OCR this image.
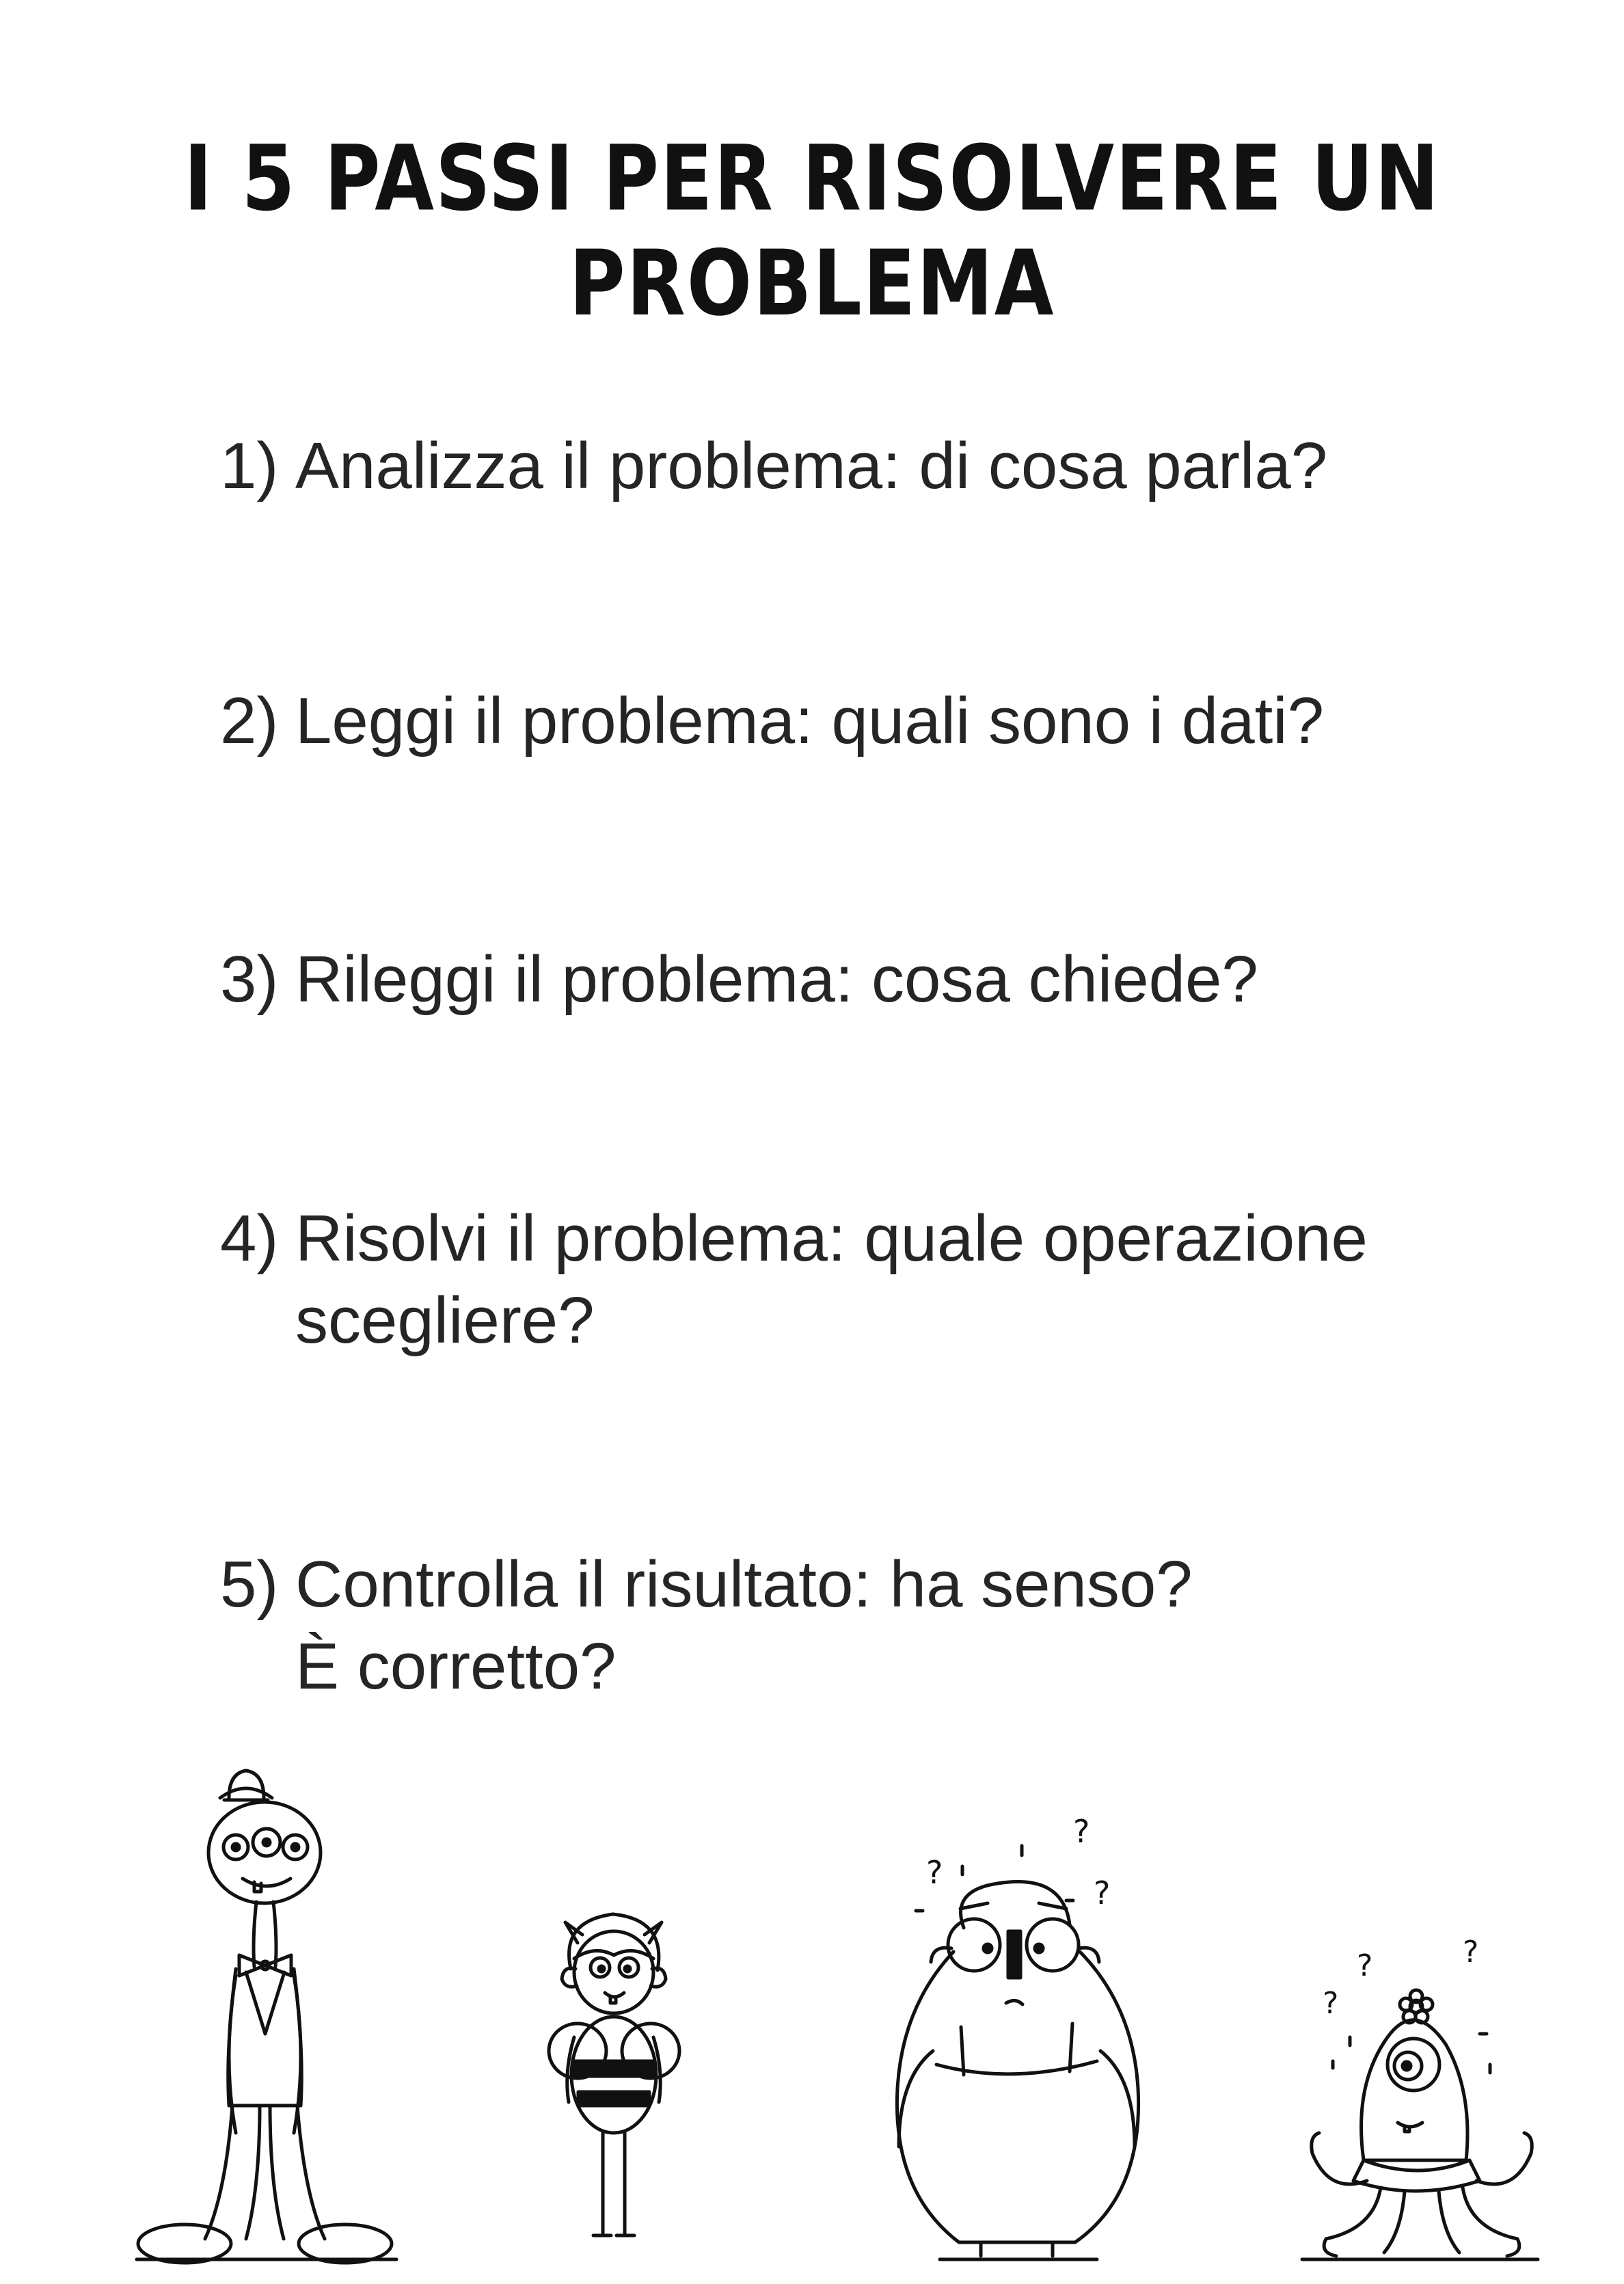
I 5 PASSI PER RISOLVERE UN PROBLEMA
1) Analizza il problema: di cosa parla?
2) Leggi il problema: quali sono i dati?
3) Rileggi il problema: cosa chiede?
4) Risolvi il problema: quale operazione
scegliere?
5) Controlla il risultato: ha senso?
È corretto?
?
?
?
?	?
?
